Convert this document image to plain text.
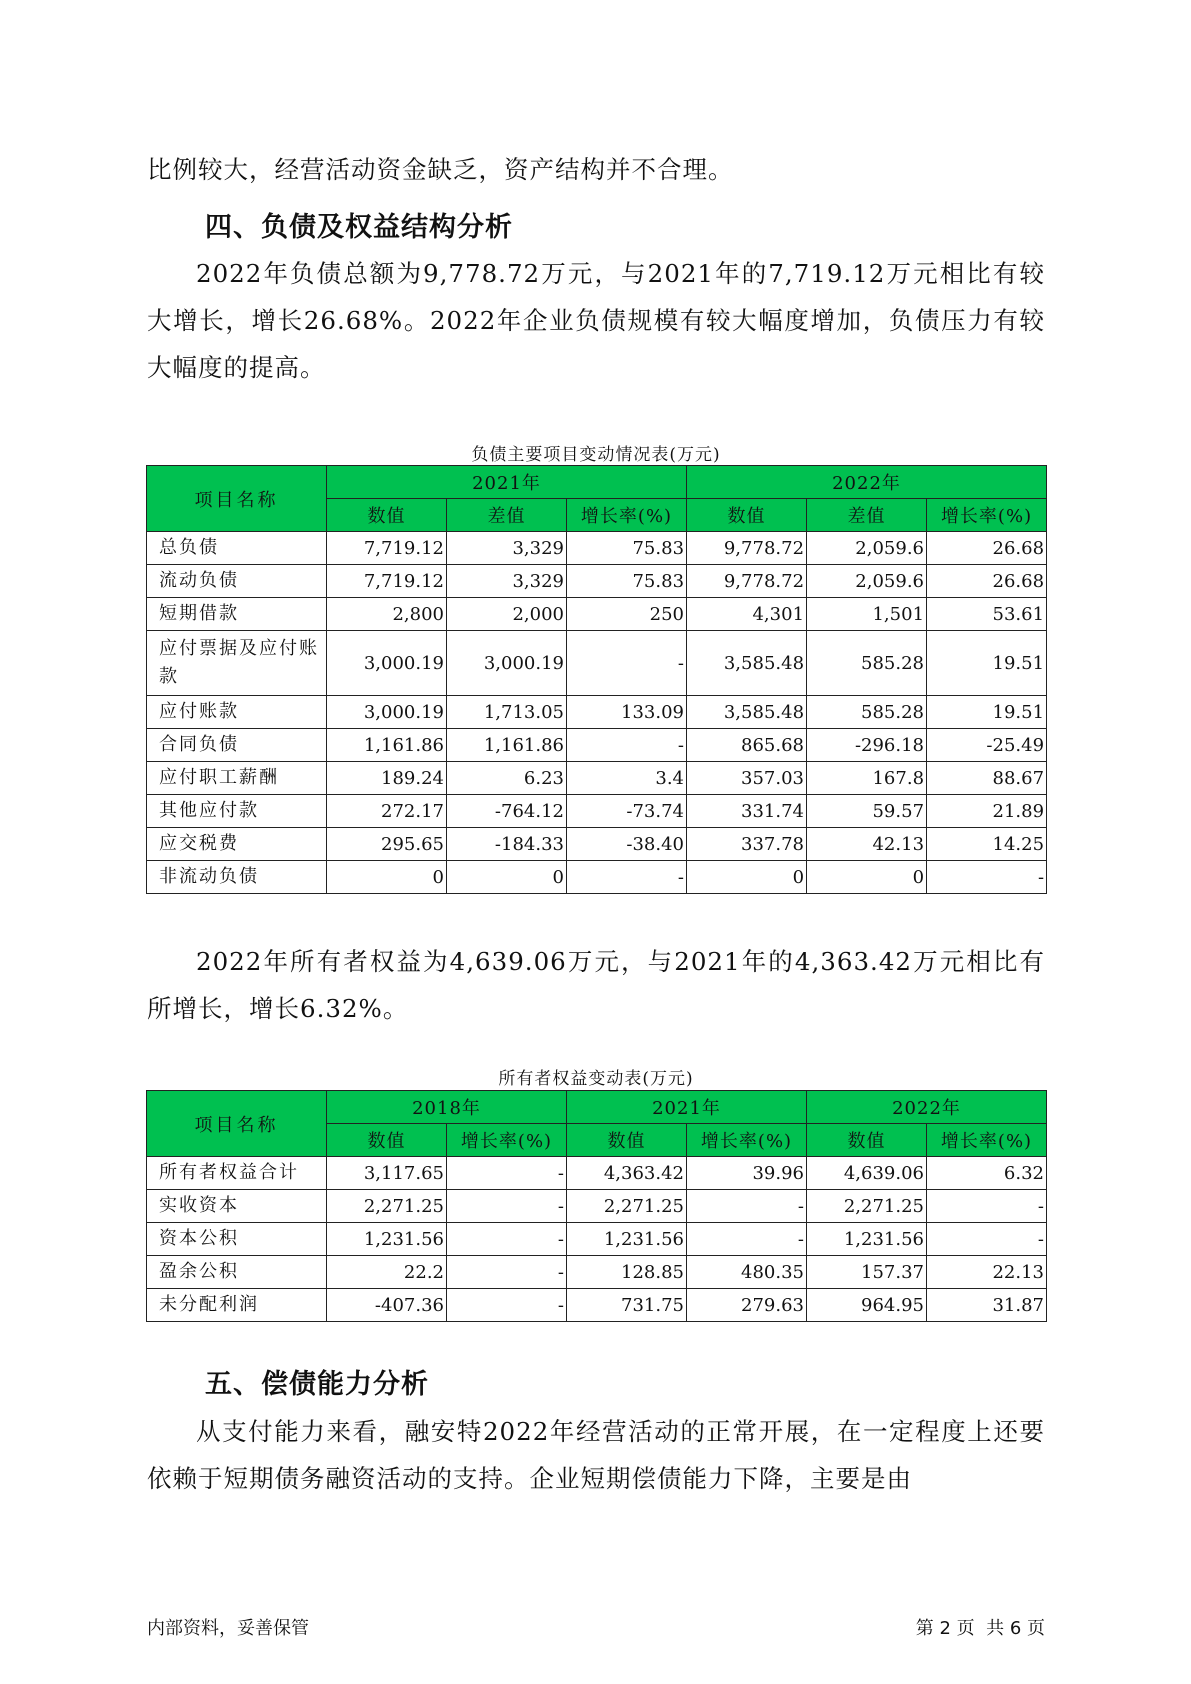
比例较大，经营活动资金缺乏，资产结构并不合理。

四、负债及权益结构分析

2022年负债总额为9,778.72万元，与2021年的7,719.12万元相比有较大增长，增长26.68%。2022年企业负债规模有较大幅度增加，负债压力有较大幅度的提高。

负债主要项目变动情况表(万元)
项目名称	2021年			2022年		
	数值	差值	增长率(%)	数值	差值	增长率(%)
总负债	7,719.12	3,329	75.83	9,778.72	2,059.6	26.68
流动负债	7,719.12	3,329	75.83	9,778.72	2,059.6	26.68
短期借款	2,800	2,000	250	4,301	1,501	53.61
应付票据及应付账款	3,000.19	3,000.19	-	3,585.48	585.28	19.51
应付账款	3,000.19	1,713.05	133.09	3,585.48	585.28	19.51
合同负债	1,161.86	1,161.86	-	865.68	-296.18	-25.49
应付职工薪酬	189.24	6.23	3.4	357.03	167.8	88.67
其他应付款	272.17	-764.12	-73.74	331.74	59.57	21.89
应交税费	295.65	-184.33	-38.40	337.78	42.13	14.25
非流动负债	0	0	-	0	0	-

2022年所有者权益为4,639.06万元，与2021年的4,363.42万元相比有所增长，增长6.32%。

所有者权益变动表(万元)
项目名称	2018年		2021年		2022年	
	数值	增长率(%)	数值	增长率(%)	数值	增长率(%)
所有者权益合计	3,117.65	-	4,363.42	39.96	4,639.06	6.32
实收资本	2,271.25	-	2,271.25	-	2,271.25	-
资本公积	1,231.56	-	1,231.56	-	1,231.56	-
盈余公积	22.2	-	128.85	480.35	157.37	22.13
未分配利润	-407.36	-	731.75	279.63	964.95	31.87
五、偿债能力分析

从支付能力来看，融安特2022年经营活动的正常开展，在一定程度上还要依赖于短期债务融资活动的支持。企业短期偿债能力下降，主要是由

内部资料，妥善保管	第 2 页  共 6 页
